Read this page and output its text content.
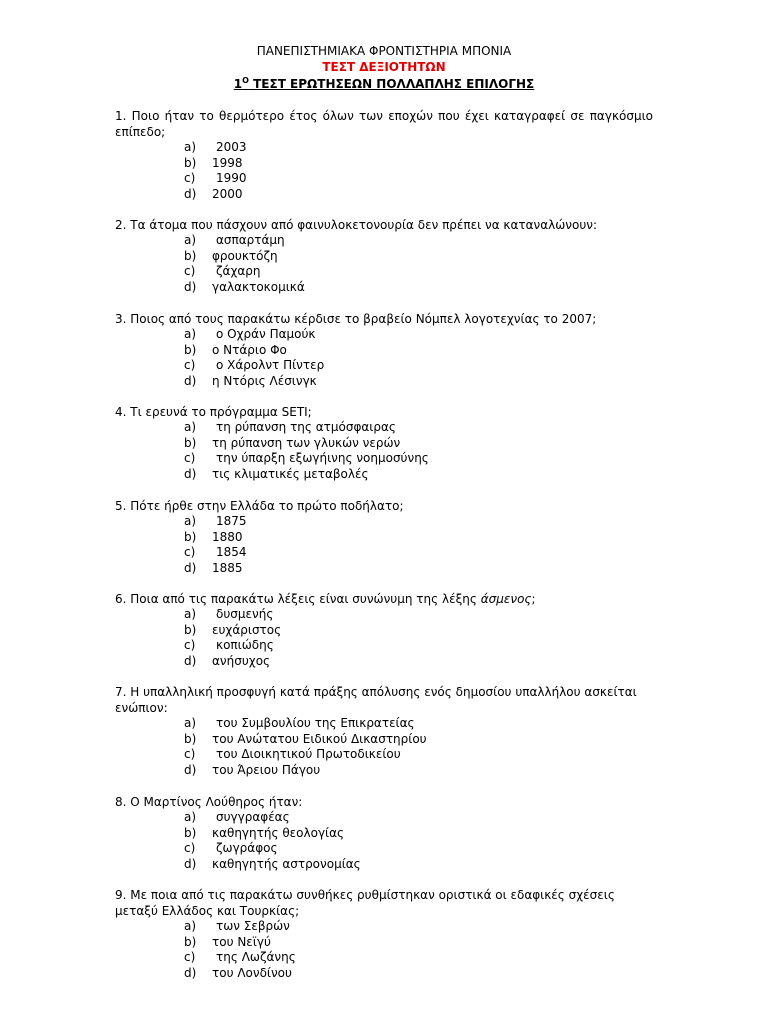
ΠΑΝΕΠΙΣΤΗΜΙΑΚΑ ΦΡΟΝΤΙΣΤΗΡΙΑ ΜΠΟΝΙΑ
ΤΕΣΤ ΔΕΞΙΟΤΗΤΩΝ
$1^O$ ΤΕΣΤ ΕΡΩΤΗΣΕΩΝ ΠΟΛΛΑΠΛΗΣ ΕΠΙΛΟΓΗΣ
1. Ποιο ήταν το θερμότερο έτος όλων των εποχών που έχει καταγραφεί σε παγκόσμιο επίπεδο;
a) 2003
b) 1998
c) 1990
d) 2000
2. Τα άτομα που πάσχουν από φαινυλοκετονουρία δεν πρέπει να καταναλώνουν:
a) ασπαρτάμη
b) φρουκτόζη
c) ζάχαρη
d) γαλακτοκομικά
3. Ποιος από τους παρακάτω κέρδισε το βραβείο Νόμπελ λογοτεχνίας το 2007;
a) ο Οχράν Παμούκ
b) ο Ντάριο Φο
c) ο Χάρολντ Πίντερ
d) η Ντόρις Λέσινγκ
4. Τι ερευνά το πρόγραμμα SETI;
a) τη ρύπανση της ατμόσφαιρας
b) τη ρύπανση των γλυκών νερών
c) την ύπαρξη εξωγήινης νοημοσύνης
d) τις κλιματικές μεταβολές
5. Πότε ήρθε στην Ελλάδα το πρώτο ποδήλατο;
a) 1875
b) 1880
c) 1854
d) 1885
6. Ποια από τις παρακάτω λέξεις είναι συνώνυμη της λέξης άσμενος;
a) δυσμενής
b) ευχάριστος
c) κοπιώδης
d) ανήσυχος
7. Η υπαλληλική προσφυγή κατά πράξης απόλυσης ενός δημοσίου υπαλλήλου ασκείται ενώπιον:
a) του Συμβουλίου της Επικρατείας
b) του Ανώτατου Ειδικού Δικαστηρίου
c) του Διοικητικού Πρωτοδικείου
d) του Άρειου Πάγου
8. Ο Μαρτίνος Λούθηρος ήταν:
a) συγγραφέας
b) καθηγητής θεολογίας
c) ζωγράφος
d) καθηγητής αστρονομίας
9. Με ποια από τις παρακάτω συνθήκες ρυθμίστηκαν οριστικά οι εδαφικές σχέσεις μεταξύ Ελλάδος και Τουρκίας;
a) των Σεβρών
b) του Νεϊγύ
c) της Λωζάνης
d) του Λονδίνου
